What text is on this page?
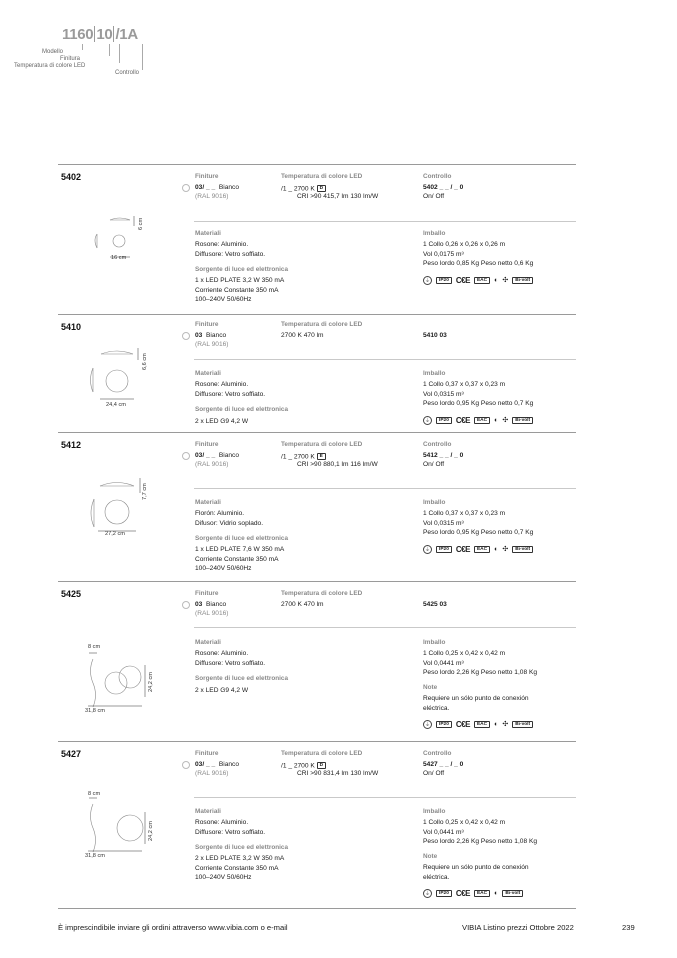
1160 10 /1A
Modello
Finitura
Temperatura di colore LED
Controllo
5402	Finiture
03/ _ _ Bianco
(RAL 9016)
Temperatura di colore LED
/1 _ 2700 K D
CRI >90 415,7 lm 130 lm/W
Controllo
5402 _ _ / _ 0
On/ Off
Materiali
Rosone: Aluminio.
Diffusore: Vetro soffiato.
Sorgente di luce ed elettronica
1 x LED PLATE 3,2 W 350 mA
Corriente Constante 350 mA
100–240V 50/60Hz
Imballo
1 Collo 0,26 x 0,26 x 0,26 m
Vol 0,0175 m³
Peso lordo 0,85 Kg Peso netto 0,6 Kg
⏚	IP20 C€E	EAC	◐ ✣	Bi-volt
16 cm
6 cm
5410	Finiture
03 Bianco
(RAL 9016)
Temperatura di colore LED
2700 K 470 lm	5410 03
Materiali
Rosone: Aluminio.
Diffusore: Vetro soffiato.
Sorgente di luce ed elettronica
2 x LED G9 4,2 W
Imballo
1 Collo 0,37 x 0,37 x 0,23 m
Vol 0,0315 m³
Peso lordo 0,95 Kg Peso netto 0,7 Kg
⏚	IP20 C€E	EAC	◐ ✣	Bi-volt
24,4 cm
6,6 cm
5412	Finiture
03/ _ _ Bianco
(RAL 9016)
Temperatura di colore LED
/1 _ 2700 K E
CRI >90 880,1 lm 116 lm/W
Controllo
5412 _ _ / _ 0
On/ Off
Materiali
Florón: Aluminio.
Difusor: Vidrio soplado.
Sorgente di luce ed elettronica
1 x LED PLATE 7,6 W 350 mA
Corriente Constante 350 mA
100–240V 50/60Hz
Imballo
1 Collo 0,37 x 0,37 x 0,23 m
Vol 0,0315 m³
Peso lordo 0,95 Kg Peso netto 0,7 Kg
⏚	IP20 C€E	EAC	◐ ✣	Bi-volt
27,2 cm
7,7 cm
5425	Finiture
03 Bianco
(RAL 9016)
Temperatura di colore LED
2700 K 470 lm	5425 03
Materiali
Rosone: Aluminio.
Diffusore: Vetro soffiato.
Sorgente di luce ed elettronica
2 x LED G9 4,2 W
Imballo
1 Collo 0,25 x 0,42 x 0,42 m
Vol 0,0441 m³
Peso lordo 2,26 Kg Peso netto 1,08 Kg
Note
Requiere un sólo punto de conexión
eléctrica.
⏚	IP20 C€E	EAC	◐ ✣	Bi-volt
8 cm
31,8 cm
24,2 cm
5427	Finiture
03/ _ _ Bianco
(RAL 9016)
Temperatura di colore LED
/1 _ 2700 K D
CRI >90 831,4 lm 130 lm/W
Controllo
5427 _ _ / _ 0
On/ Off
Materiali
Rosone: Aluminio.
Diffusore: Vetro soffiato.
Sorgente di luce ed elettronica
2 x LED PLATE 3,2 W 350 mA
Corriente Constante 350 mA
100–240V 50/60Hz
Imballo
1 Collo 0,25 x 0,42 x 0,42 m
Vol 0,0441 m³
Peso lordo 2,26 Kg Peso netto 1,08 Kg
Note
Requiere un sólo punto de conexión
eléctrica.
⏚	IP20 C€E	EAC	◐	Bi-volt
8 cm
31,8 cm
24,2 cm
È imprescindibile inviare gli ordini attraverso www.vibia.com o e-mail	VIBIA Listino prezzi Ottobre 2022	239
